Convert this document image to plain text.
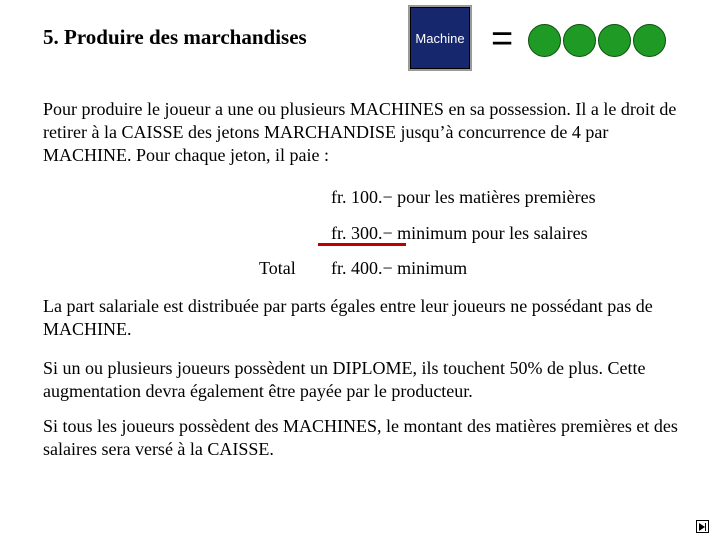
5. Produire des marchandises	Machine =

Pour produire le joueur a une ou plusieurs MACHINES en sa possession. Il a le droit de retirer à la CAISSE des jetons MARCHANDISE jusqu’à concurrence de 4 par MACHINE. Pour chaque jeton, il paie :

fr. 100.− pour les matières premières
fr. 300.− minimum pour les salaires
Total fr. 400.− minimum

La part salariale est distribuée par parts égales entre leur joueurs ne possédant pas de MACHINE.

Si un ou plusieurs joueurs possèdent un DIPLOME, ils touchent 50% de plus. Cette augmentation devra également être payée par le producteur.

Si tous les joueurs possèdent des MACHINES, le montant des matières premières et des salaires sera versé à la CAISSE.
